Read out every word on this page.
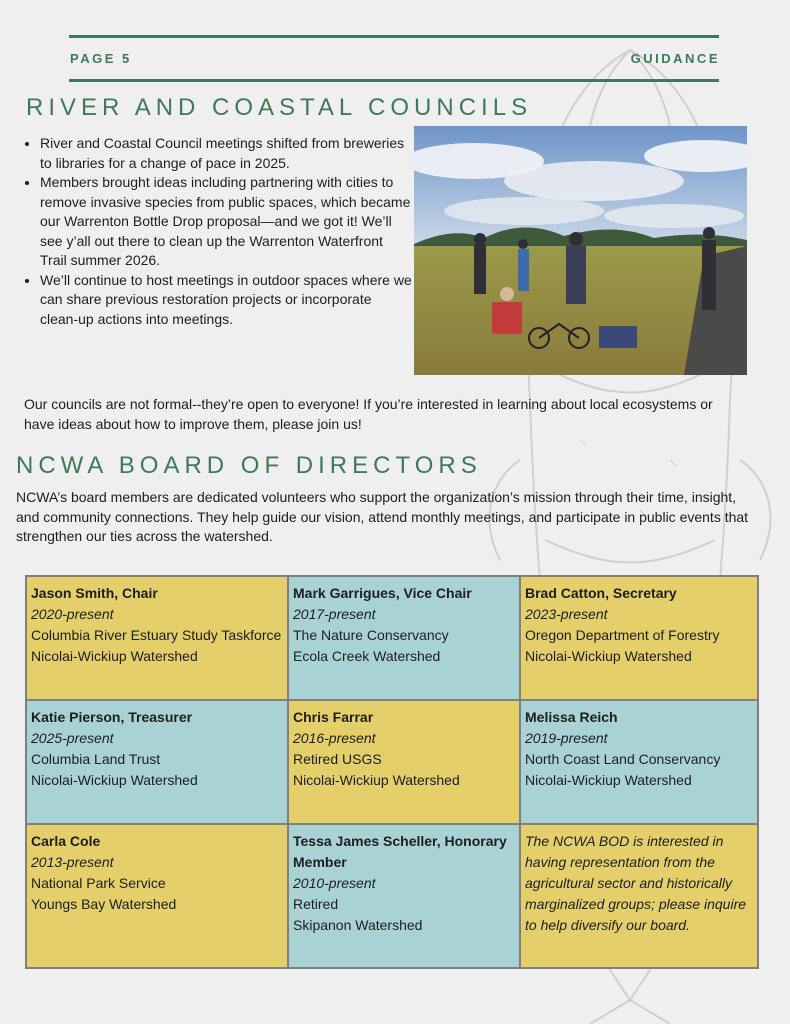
PAGE 5	GUIDANCE
RIVER AND COASTAL COUNCILS
• River and Coastal Council meetings shifted from breweries to libraries for a change of pace in 2025.
• Members brought ideas including partnering with cities to remove invasive species from public spaces, which became our Warrenton Bottle Drop proposal—and we got it! We’ll see y’all out there to clean up the Warrenton Waterfront Trail summer 2026.
• We’ll continue to host meetings in outdoor spaces where we can share previous restoration projects or incorporate clean-up actions into meetings.

Our councils are not formal--they’re open to everyone! If you’re interested in learning about local ecosystems or have ideas about how to improve them, please join us!

NCWA BOARD OF DIRECTORS

NCWA’s board members are dedicated volunteers who support the organization’s mission through their time, insight, and community connections. They help guide our vision, attend monthly meetings, and participate in public events that strengthen our ties across the watershed.

Jason Smith, Chair
2020-present
Columbia River Estuary Study Taskforce
Nicolai-Wickiup Watershed	Mark Garrigues, Vice Chair
2017-present
The Nature Conservancy
Ecola Creek Watershed	Brad Catton, Secretary
2023-present
Oregon Department of Forestry
Nicolai-Wickiup Watershed

Katie Pierson, Treasurer
2025-present
Columbia Land Trust
Nicolai-Wickiup Watershed	Chris Farrar
2016-present
Retired USGS
Nicolai-Wickiup Watershed	Melissa Reich
2019-present
North Coast Land Conservancy
Nicolai-Wickiup Watershed

Carla Cole
2013-present
National Park Service
Youngs Bay Watershed	Tessa James Scheller, Honorary Member
2010-present
Retired
Skipanon Watershed	The NCWA BOD is interested in having representation from the agricultural sector and historically marginalized groups; please inquire to help diversify our board.
